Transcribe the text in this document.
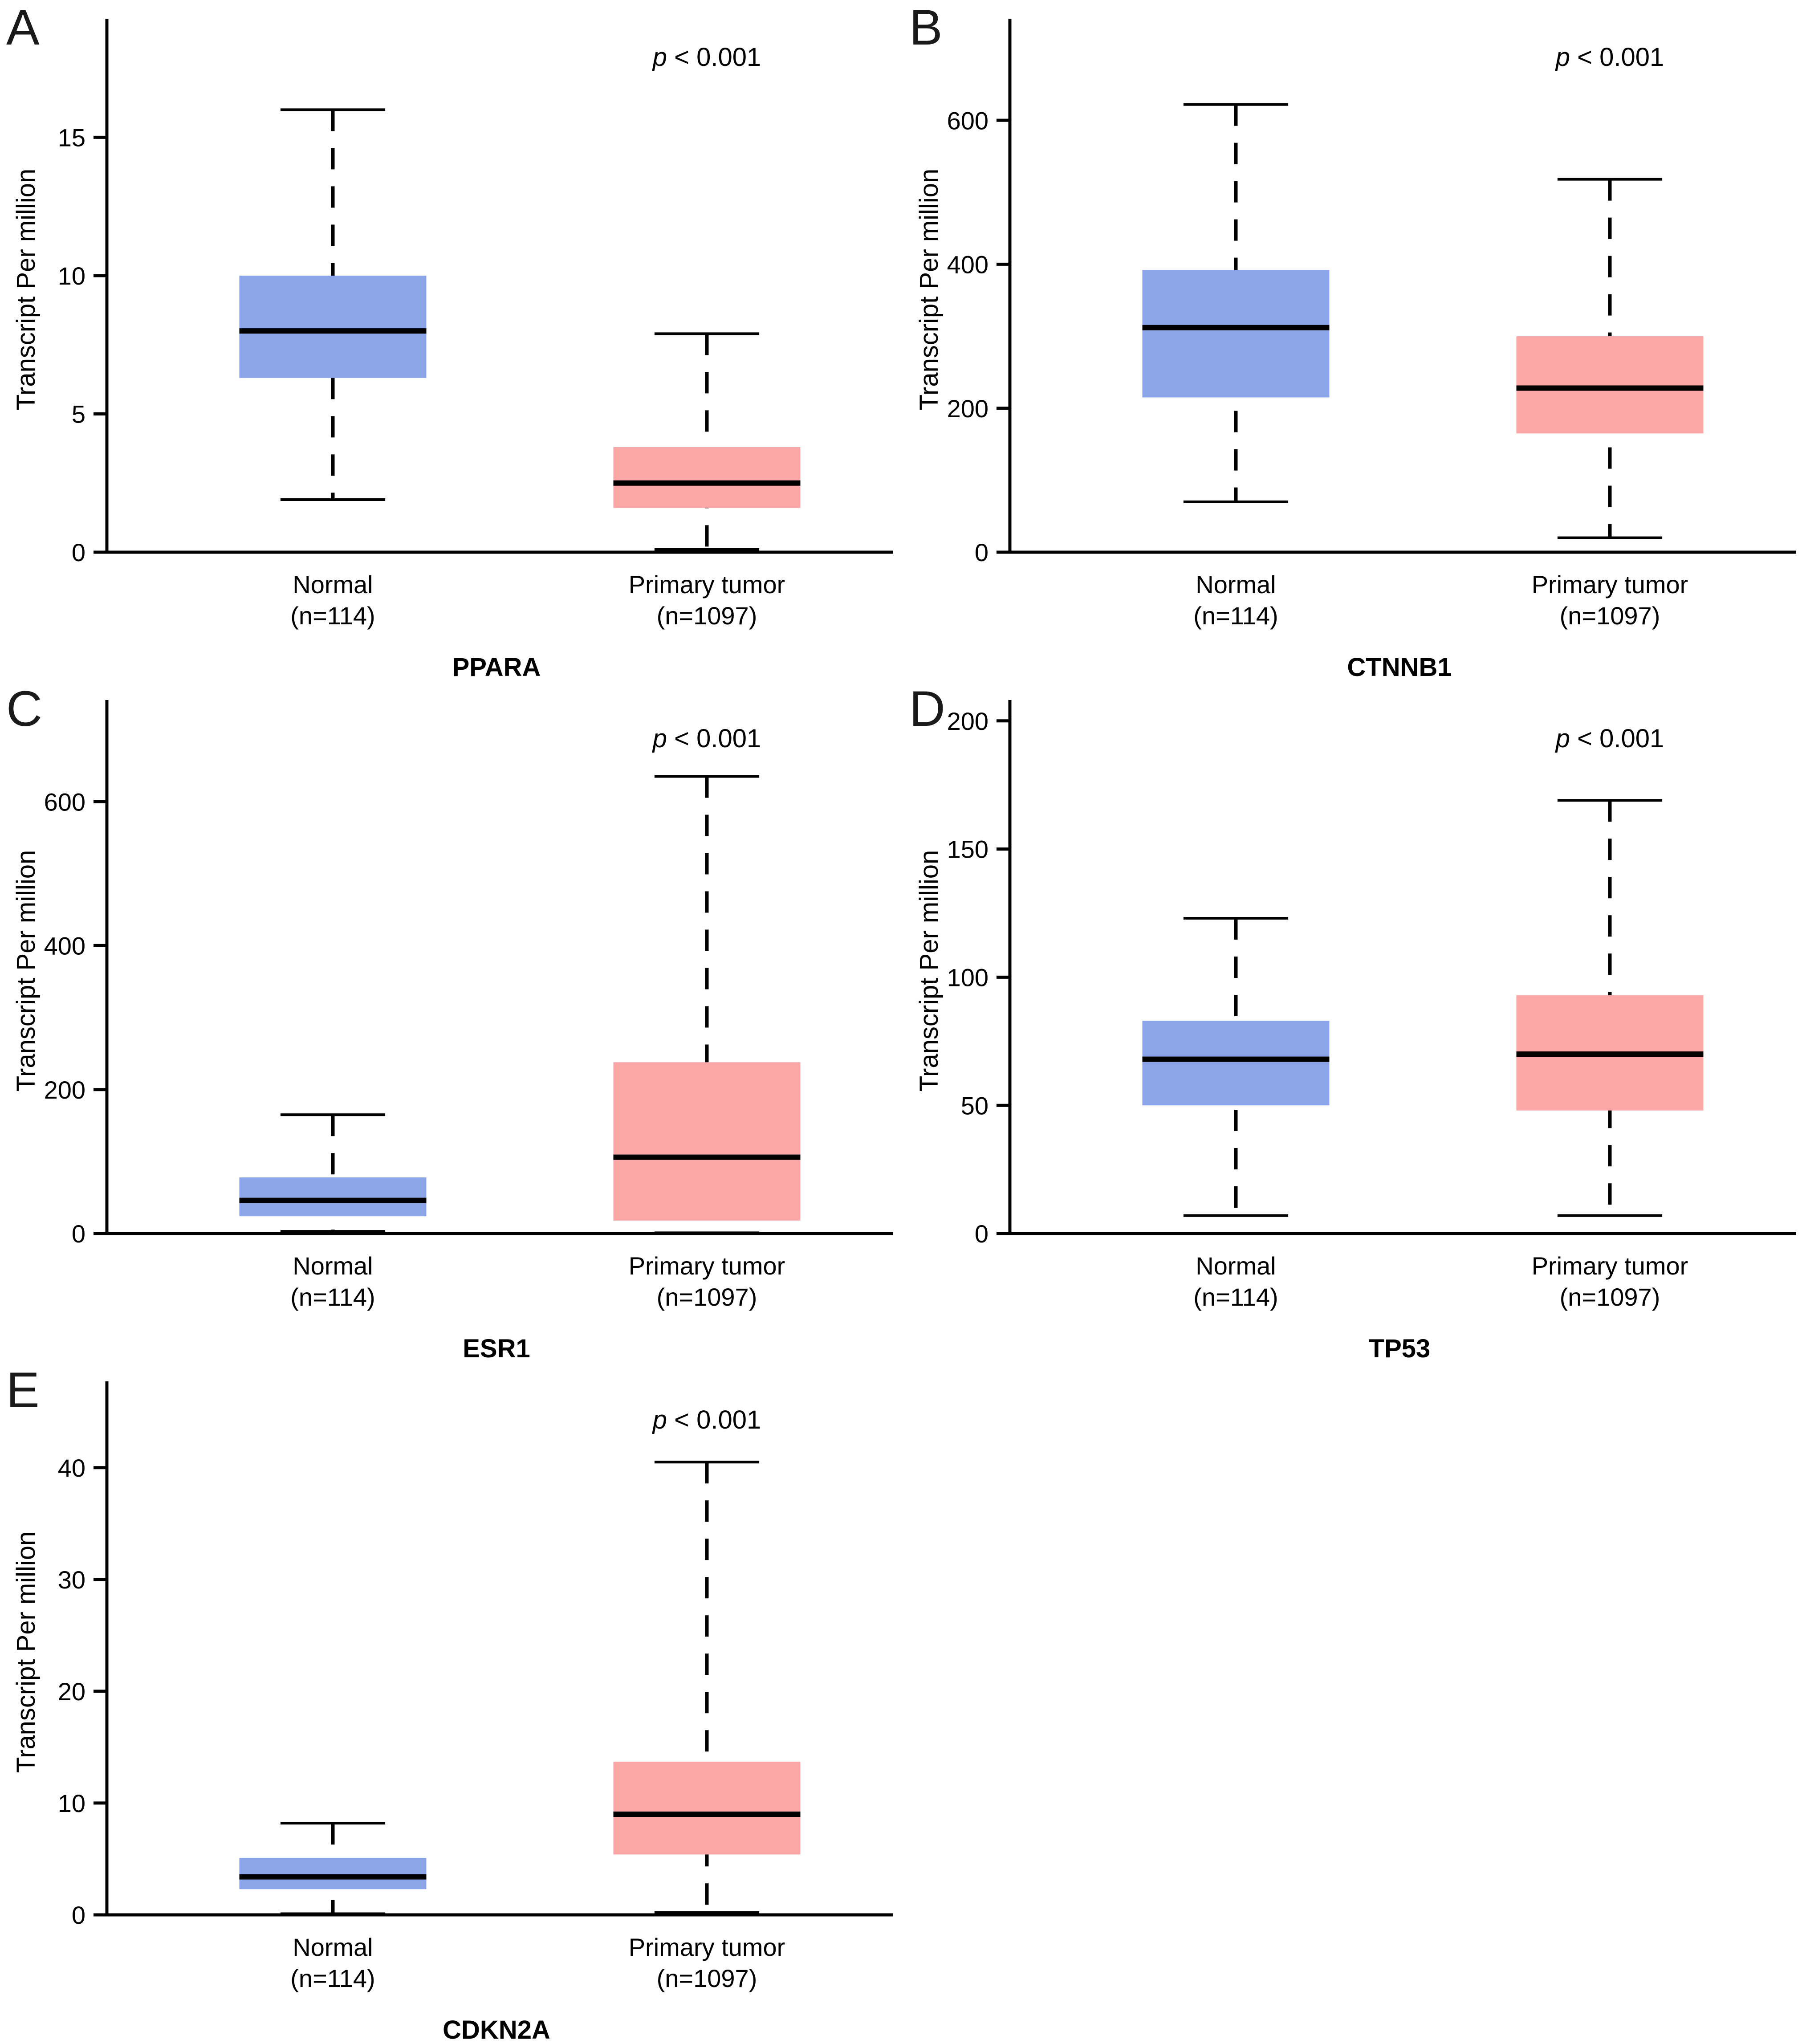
A
0
5
10
15
Transcript Per million
Normal
(n=114)
Primary tumor
(n=1097)
PPARA
p < 0.001
B
0
200
400
600
Transcript Per million
Normal
(n=114)
Primary tumor
(n=1097)
CTNNB1
p < 0.001
C
0
200
400
600
Transcript Per million
Normal
(n=114)
Primary tumor
(n=1097)
ESR1
p < 0.001
D
0
50
100
150
200
Transcript Per million
Normal
(n=114)
Primary tumor
(n=1097)
TP53
p < 0.001
E
0
10
20
30
40
Transcript Per million
Normal
(n=114)
Primary tumor
(n=1097)
CDKN2A
p < 0.001
